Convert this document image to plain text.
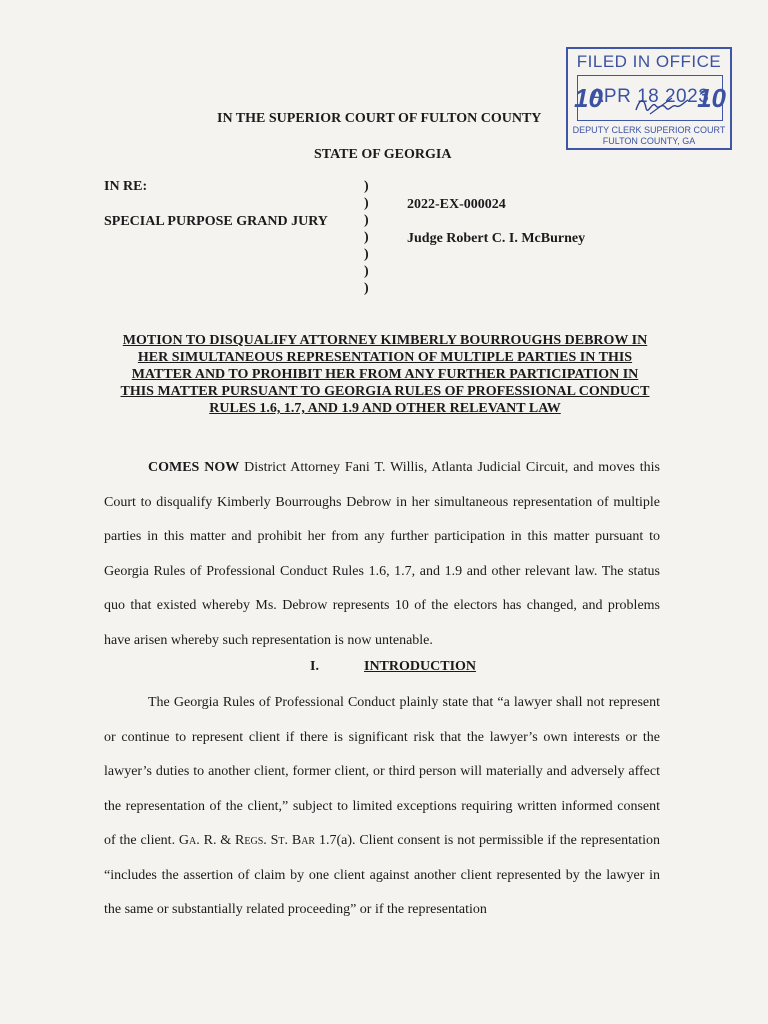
FILED IN OFFICE
10
APR 18 2023
10
DEPUTY CLERK SUPERIOR COURT
FULTON COUNTY, GA
IN THE SUPERIOR COURT OF FULTON COUNTY
STATE OF GEORGIA
IN RE:
SPECIAL PURPOSE GRAND JURY
)
)
)
)
)
)
)
2022-EX-000024
Judge Robert C. I. McBurney
MOTION TO DISQUALIFY ATTORNEY KIMBERLY BOURROUGHS DEBROW IN
HER SIMULTANEOUS REPRESENTATION OF MULTIPLE PARTIES IN THIS
MATTER AND TO PROHIBIT HER FROM ANY FURTHER PARTICIPATION IN
THIS MATTER PURSUANT TO GEORGIA RULES OF PROFESSIONAL CONDUCT
RULES 1.6, 1.7, AND 1.9 AND OTHER RELEVANT LAW
COMES NOW District Attorney Fani T. Willis, Atlanta Judicial Circuit, and moves this Court to disqualify Kimberly Bourroughs Debrow in her simultaneous representation of multiple parties in this matter and prohibit her from any further participation in this matter pursuant to Georgia Rules of Professional Conduct Rules 1.6, 1.7, and 1.9 and other relevant law. The status quo that existed whereby Ms. Debrow represents 10 of the electors has changed, and problems have arisen whereby such representation is now untenable.
I.	INTRODUCTION
The Georgia Rules of Professional Conduct plainly state that “a lawyer shall not represent or continue to represent client if there is significant risk that the lawyer’s own interests or the lawyer’s duties to another client, former client, or third person will materially and adversely affect the representation of the client,” subject to limited exceptions requiring written informed consent of the client. Ga. R. & Regs. St. Bar 1.7(a). Client consent is not permissible if the representation “includes the assertion of claim by one client against another client represented by the lawyer in the same or substantially related proceeding” or if the representation
